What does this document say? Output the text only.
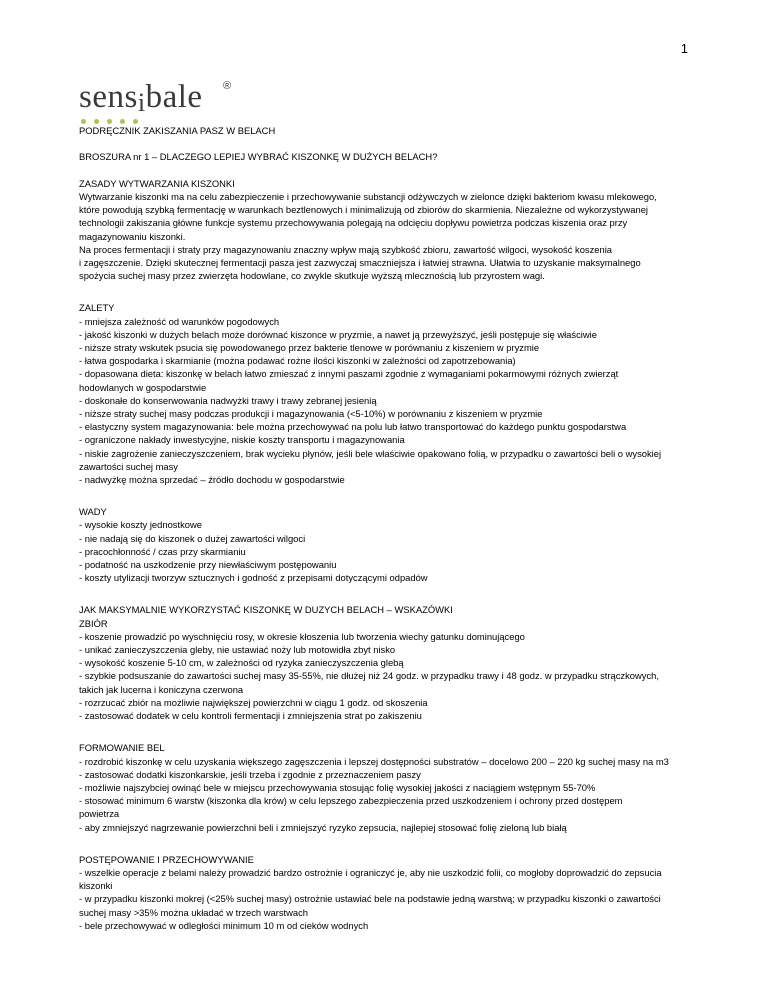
1
sensibale ®

PODRĘCZNIK ZAKISZANIA PASZ W BELACH

BROSZURA nr 1 – DLACZEGO LEPIEJ WYBRAĆ KISZONKĘ W DUŻYCH BELACH?

ZASADY WYTWARZANIA KISZONKI

Wytwarzanie kiszonki ma na celu zabezpieczenie i przechowywanie substancji odżywczych w zielonce dzięki bakteriom kwasu mlekowego,

które powodują szybką fermentację w warunkach beztlenowych i minimalizują od zbiorów do skarmienia. Niezależne od wykorzystywanej

technologii zakiszania główne funkcje systemu przechowywania polegają na odcięciu dopływu powietrza podczas kiszenia oraz przy

magazynowaniu kiszonki.

Na proces fermentacji i straty przy magazynowaniu znaczny wpływ mają szybkość zbioru, zawartość wilgoci, wysokość koszenia

i zagęszczenie. Dzięki skutecznej fermentacji pasza jest zazwyczaj smaczniejsza i łatwiej strawna. Ułatwia to uzyskanie maksymalnego

spożycia suchej masy przez zwierzęta hodowlane, co zwykle skutkuje wyższą mlecznością lub przyrostem wagi.

ZALETY

- mniejsza zależność od warunków pogodowych

- jakość kiszonki w dużych belach może dorównać kiszonce w pryzmie, a nawet ją przewyższyć, jeśli postępuje się właściwie

- niższe straty wskutek psucia się powodowanego przez bakterie tlenowe w porównaniu z kiszeniem w pryzmie

- łatwa gospodarka i skarmianie (można podawać rożne ilości kiszonki w zależności od zapotrzebowania)

- dopasowana dieta: kiszonkę w belach łatwo zmieszać z innymi paszami zgodnie z wymaganiami pokarmowymi różnych zwierząt

hodowlanych w gospodarstwie

- doskonałe do konserwowania nadwyżki trawy i trawy zebranej jesienią

- niższe straty suchej masy podczas produkcji i magazynowania (<5-10%) w porównaniu z kiszeniem w pryzmie

- elastyczny system magazynowania: bele można przechowywać na polu lub łatwo transportować do każdego punktu gospodarstwa

- ograniczone nakłady inwestycyjne, niskie koszty transportu i magazynowania

- niskie zagrożenie zanieczyszczeniem, brak wycieku płynów, jeśli bele właściwie opakowano folią, w przypadku o zawartości beli o wysokiej

zawartości suchej masy

- nadwyżkę można sprzedać – źródło dochodu w gospodarstwie

WADY

- wysokie koszty jednostkowe

- nie nadają się do kiszonek o dużej zawartości wilgoci

- pracochłonność / czas przy skarmianiu

- podatność na uszkodzenie przy niewłaściwym postępowaniu

- koszty utylizacji tworzyw sztucznych i godność z przepisami dotyczącymi odpadów

JAK MAKSYMALNIE WYKORZYSTAĆ KISZONKĘ W DUZYCH BELACH – WSKAZÓWKI

ZBIÓR

- koszenie prowadzić po wyschnięciu rosy, w okresie kłoszenia lub tworzenia wiechy gatunku dominującego

- unikać zanieczyszczenia gleby, nie ustawiać noży lub motowidła zbyt nisko

- wysokość koszenie 5-10 cm, w zależności od ryzyka zanieczyszczenia glebą

- szybkie podsuszanie do zawartości suchej masy 35-55%, nie dłużej niż 24 godz. w przypadku trawy i 48 godz. w przypadku strączkowych,

takich jak lucerna i koniczyna czerwona

- rozrzucać zbiór na możliwie największej powierzchni w ciągu 1 godz. od skoszenia

- zastosować dodatek w celu kontroli fermentacji i zmniejszenia strat po zakiszeniu

FORMOWANIE BEL

- rozdrobić kiszonkę w celu uzyskania większego zagęszczenia i lepszej dostępności substratów – docelowo 200 – 220 kg suchej masy na m3

- zastosować dodatki kiszonkarskie, jeśli trzeba i zgodnie z przeznaczeniem paszy

- możliwie najszybciej owinąć bele w miejscu przechowywania stosując folię wysokiej jakości z naciągiem wstępnym 55-70%

- stosować minimum 6 warstw (kiszonka dla krów) w celu lepszego zabezpieczenia przed uszkodzeniem i ochrony przed dostępem

powietrza

- aby zmniejszyć nagrzewanie powierzchni beli i zmniejszyć ryzyko zepsucia, najlepiej stosować folię zieloną lub białą

POSTĘPOWANIE I PRZECHOWYWANIE

- wszelkie operacje z belami należy prowadzić bardzo ostrożnie i ograniczyć je, aby nie uszkodzić folii, co mogłoby doprowadzić do zepsucia

kiszonki

- w przypadku kiszonki mokrej (<25% suchej masy) ostrożnie ustawiać bele na podstawie jedną warstwą; w przypadku kiszonki o zawartości

suchej masy >35% można układać w trzech warstwach

- bele przechowywać w odległości minimum 10 m od cieków wodnych
